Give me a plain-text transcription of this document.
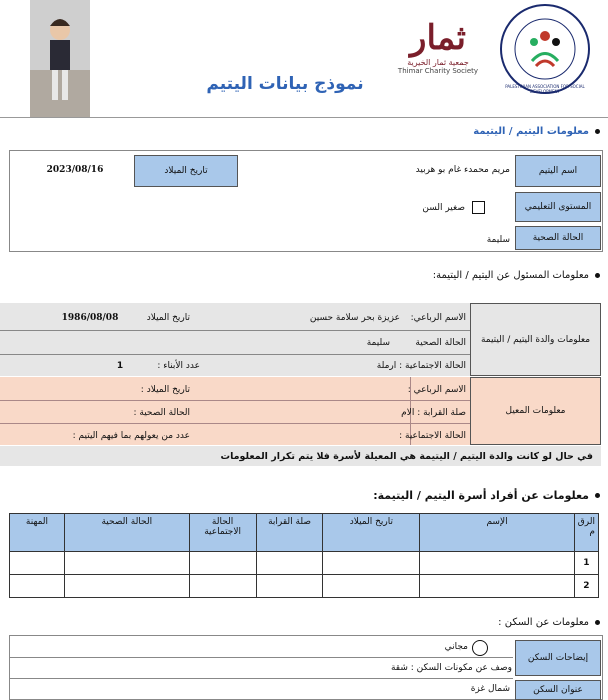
نموذج بيانات اليتيم
ثمار
جمعية ثمار الخيرية
Thimar Charity Society
PALESTINIAN ASSOCIATION FOR SOCIAL DEVELOPMENT
معلومات اليتيم / اليتيمة
اسم اليتيم
مريم محمدء غام بو هربيد
تاريخ الميلاد
2023/08/16
المستوى التعليمي
صغير السن
الحالة الصحية
سليمة
معلومات المسئول عن اليتيم / اليتيمة:
معلومات والدة اليتيم / اليتيمة
الاسم الرباعي:
عزيزة بحر سلامة حسين
تاريخ الميلاد
1986/08/08
الحالة الصحية
سليمة
الحالة الاجتماعية : ارملة
عدد الأبناء :
1
معلومات المعيل
الاسم الرباعي :
تاريخ الميلاد :
صلة القرابة : الام
الحالة الصحية :
الحالة الاجتماعية :
عدد من يعولهم بما فيهم اليتيم :
في حال لو كانت والدة اليتيم / اليتيمة هي المعيلة لأسرة فلا يتم تكرار المعلومات
معلومات عن أفراد أسرة اليتيم / اليتيمة:
الرق م	الإسم	تاريخ الميلاد	صلة القرابة	الحالة الاجتماعية	الحالة الصحية	المهنة
1						
2						
معلومات عن السكن :
إيضاحات السكن
مجاني
وصف عن مكونات السكن : شقة
عنوان السكن
شمال غزة
